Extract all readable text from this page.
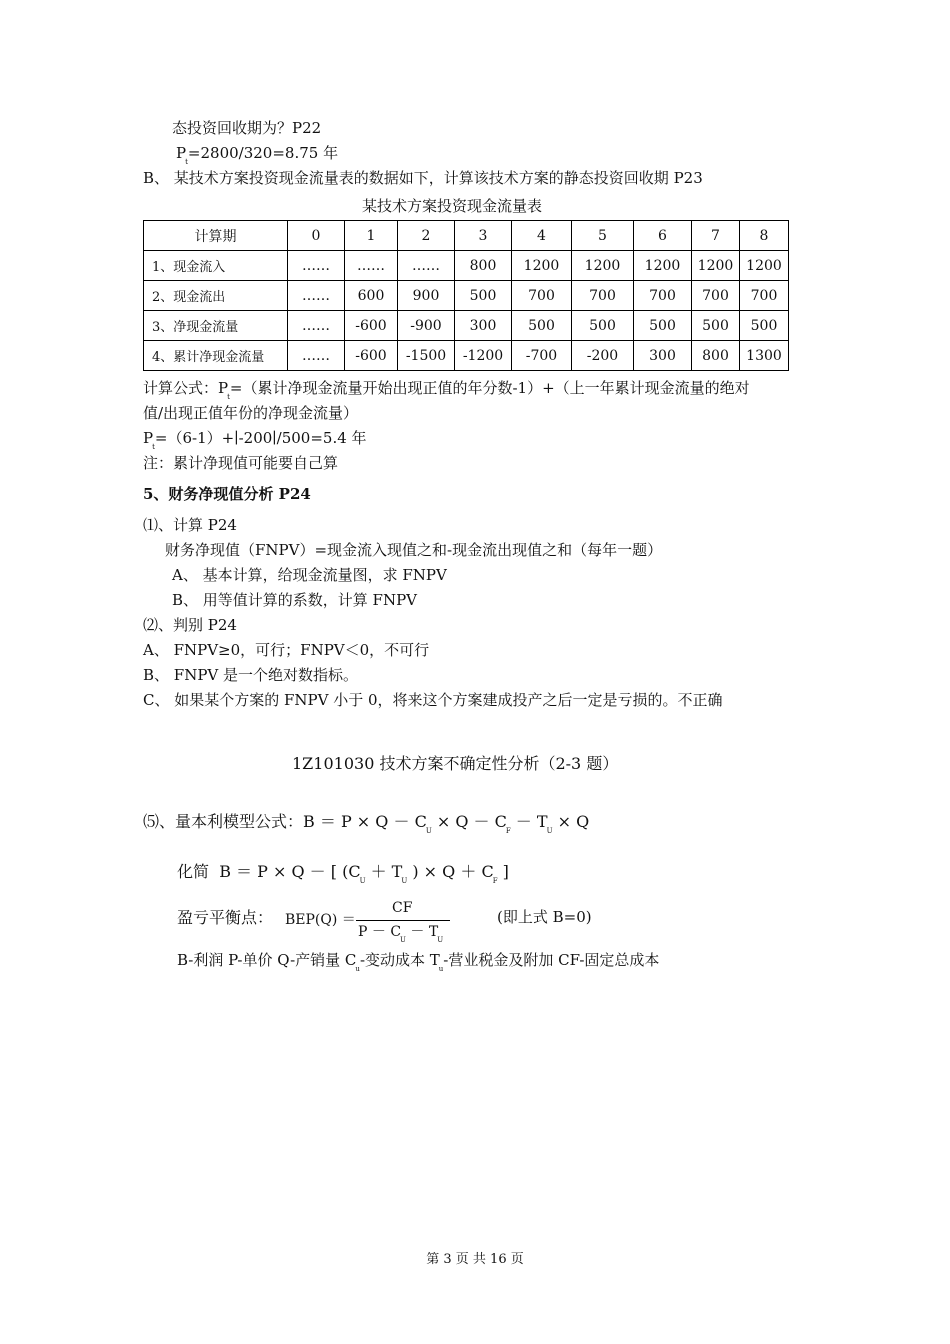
态投资回收期为？P22
$P_t=2800/320=8.75$ 年
B、 某技术方案投资现金流量表的数据如下，计算该技术方案的静态投资回收期 P23
某技术方案投资现金流量表
计算期	0	1	2	3	4	5	6	7	8
1、现金流入	……	……	……	800	1200	1200	1200	1200	1200
2、现金流出	……	600	900	500	700	700	700	700	700
3、净现金流量	……	-600	-900	300	500	500	500	500	500
4、累计净现金流量	……	-600	-1500	-1200	-700	-200	300	800	1300
计算公式：$P_t=$（累计净现金流量开始出现正值的年分数-1）+（上一年累计现金流量的绝对
值/出现正值年份的净现金流量）
$P_t=(6-1)+∣-200∣/500=5.4$ 年
注：累计净现值可能要自己算
5、财务净现值分析 P24
⑴、计算 P24
财务净现值（FNPV）=现金流入现值之和-现金流出现值之和（每年一题）
A、 基本计算，给现金流量图，求 FNPV
B、 用等值计算的系数，计算 FNPV
⑵、判别 P24
A、 FNPV≥0，可行；FNPV＜0，不可行
B、 FNPV 是一个绝对数指标。
C、 如果某个方案的 FNPV 小于 0，将来这个方案建成投产之后一定是亏损的。不正确
1Z101030 技术方案不确定性分析（2-3 题）
⑸、量本利模型公式：$B = P \times Q - C_U \times Q - C_F - T_U \times Q$
化简 B ＝ P × Q － [ ($C_U + T_U$ ) × $Q + C_F$ ]
盈亏平衡点： BEP(Q) ＝
CF
$P - C_U - T_U$
(即上式 B=0)
B-利润 P-单价 Q-产销量 $C_u-$变动成本 $T_u-$营业税金及附加 CF-固定总成本
第 3 页 共 16 页
